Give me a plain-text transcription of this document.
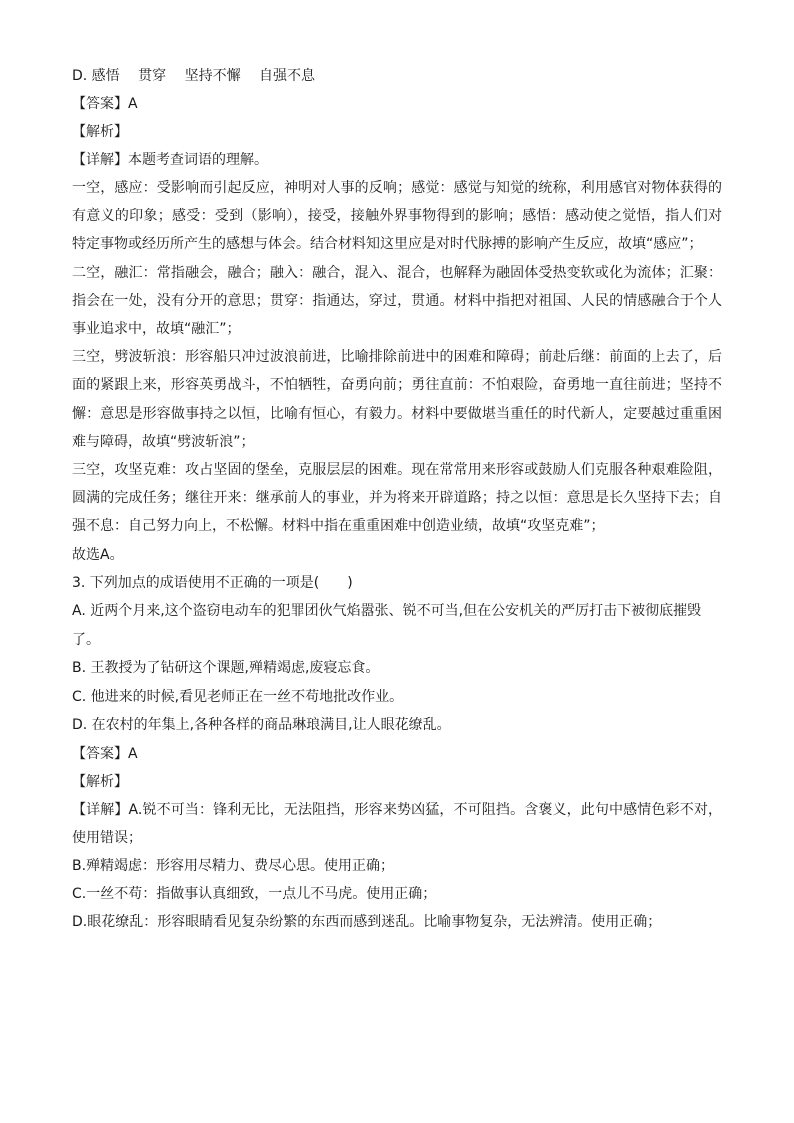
D. 感悟　 贯穿　 坚持不懈　 自强不息
【答案】A
【解析】
【详解】本题考查词语的理解。
一空，感应：受影响而引起反应，神明对人事的反响；感觉：感觉与知觉的统称，利用感官对物体获得的有意义的印象；感受：受到（影响），接受，接触外界事物得到的影响；感悟：感动使之觉悟，指人们对特定事物或经历所产生的感想与体会。结合材料知这里应是对时代脉搏的影响产生反应，故填“感应”；
二空，融汇：常指融会，融合；融入：融合，混入、混合，也解释为融固体受热变软或化为流体；汇聚：指会在一处，没有分开的意思；贯穿：指通达，穿过，贯通。材料中指把对祖国、人民的情感融合于个人事业追求中，故填“融汇”；
三空，劈波斩浪：形容船只冲过波浪前进，比喻排除前进中的困难和障碍；前赴后继：前面的上去了，后面的紧跟上来，形容英勇战斗，不怕牺牲，奋勇向前；勇往直前：不怕艰险，奋勇地一直往前进；坚持不懈：意思是形容做事持之以恒，比喻有恒心，有毅力。材料中要做堪当重任的时代新人，定要越过重重困难与障碍，故填“劈波斩浪”；
三空，攻坚克难：攻占坚固的堡垒，克服层层的困难。现在常常用来形容或鼓励人们克服各种艰难险阻，圆满的完成任务；继往开来：继承前人的事业，并为将来开辟道路；持之以恒：意思是长久坚持下去；自强不息：自己努力向上，不松懈。材料中指在重重困难中创造业绩，故填“攻坚克难”；
故选A。
3. 下列加点的成语使用不正确的一项是(　　)
A. 近两个月来,这个盗窃电动车的犯罪团伙气焰嚣张、锐不可当,但在公安机关的严厉打击下被彻底摧毁了。
B. 王教授为了钻研这个课题,殚精竭虑,废寝忘食。
C. 他进来的时候,看见老师正在一丝不苟地批改作业。
D. 在农村的年集上,各种各样的商品琳琅满目,让人眼花缭乱。
【答案】A
【解析】
【详解】A.锐不可当：锋利无比，无法阻挡，形容来势凶猛，不可阻挡。含褒义，此句中感情色彩不对，使用错误；
B.殚精竭虑：形容用尽精力、费尽心思。使用正确；
C.一丝不苟：指做事认真细致，一点儿不马虎。使用正确；
D.眼花缭乱：形容眼睛看见复杂纷繁的东西而感到迷乱。比喻事物复杂，无法辨清。使用正确；
